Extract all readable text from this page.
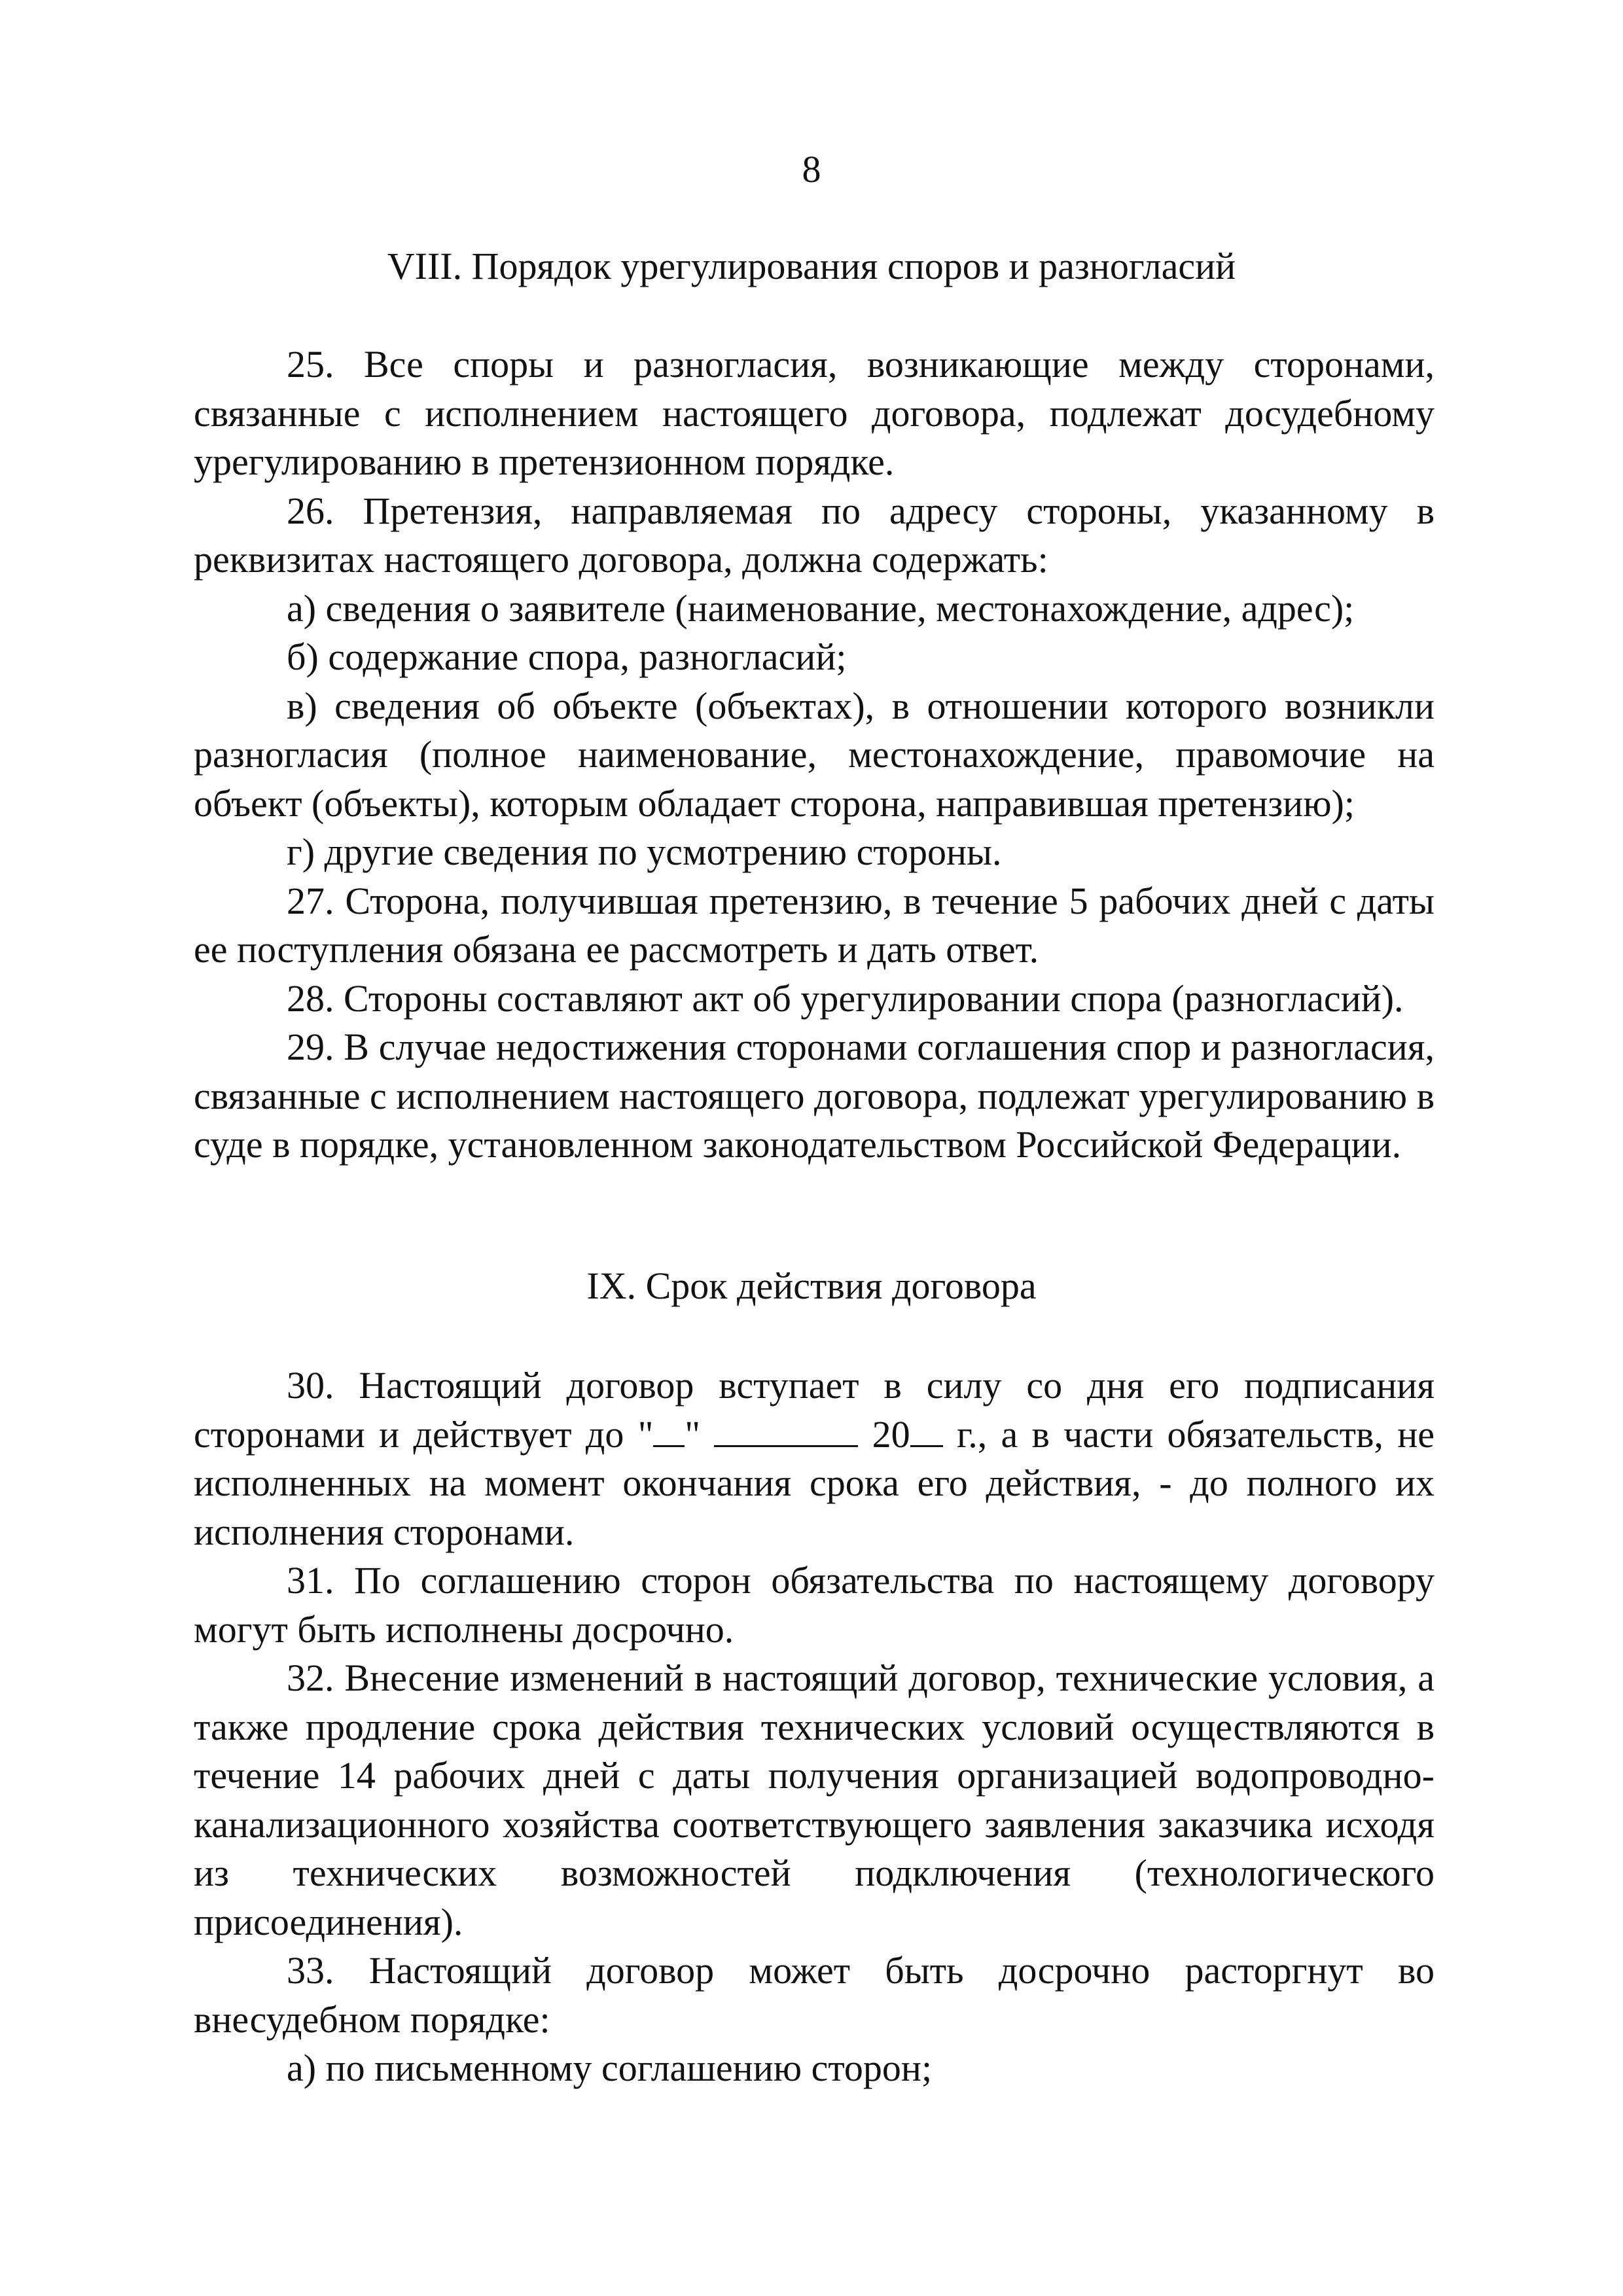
8
VIII. Порядок урегулирования споров и разногласий

25. Все споры и разногласия, возникающие между сторонами, связанные с исполнением настоящего договора, подлежат досудебному урегулированию в претензионном порядке.

26. Претензия, направляемая по адресу стороны, указанному в реквизитах настоящего договора, должна содержать:

а) сведения о заявителе (наименование, местонахождение, адрес);

б) содержание спора, разногласий;

в) сведения об объекте (объектах), в отношении которого возникли разногласия (полное наименование, местонахождение, правомочие на объект (объекты), которым обладает сторона, направившая претензию);

г) другие сведения по усмотрению стороны.

27. Сторона, получившая претензию, в течение 5 рабочих дней с даты ее поступления обязана ее рассмотреть и дать ответ.

28. Стороны составляют акт об урегулировании спора (разногласий).

29. В случае недостижения сторонами соглашения спор и разногласия, связанные с исполнением настоящего договора, подлежат урегулированию в суде в порядке, установленном законодательством Российской Федерации.

IX. Срок действия договора

30. Настоящий договор вступает в силу со дня его подписания сторонами и действует до " "	20 г., а в части обязательств, не исполненных на момент окончания срока его действия, - до полного их исполнения сторонами.

31. По соглашению сторон обязательства по настоящему договору могут быть исполнены досрочно.

32. Внесение изменений в настоящий договор, технические условия, а также продление срока действия технических условий осуществляются в течение 14 рабочих дней с даты получения организацией водопроводно-канализационного хозяйства соответствующего заявления заказчика исходя из технических возможностей подключения (технологического присоединения).

33. Настоящий договор может быть досрочно расторгнут во внесудебном порядке:

а) по письменному соглашению сторон;
